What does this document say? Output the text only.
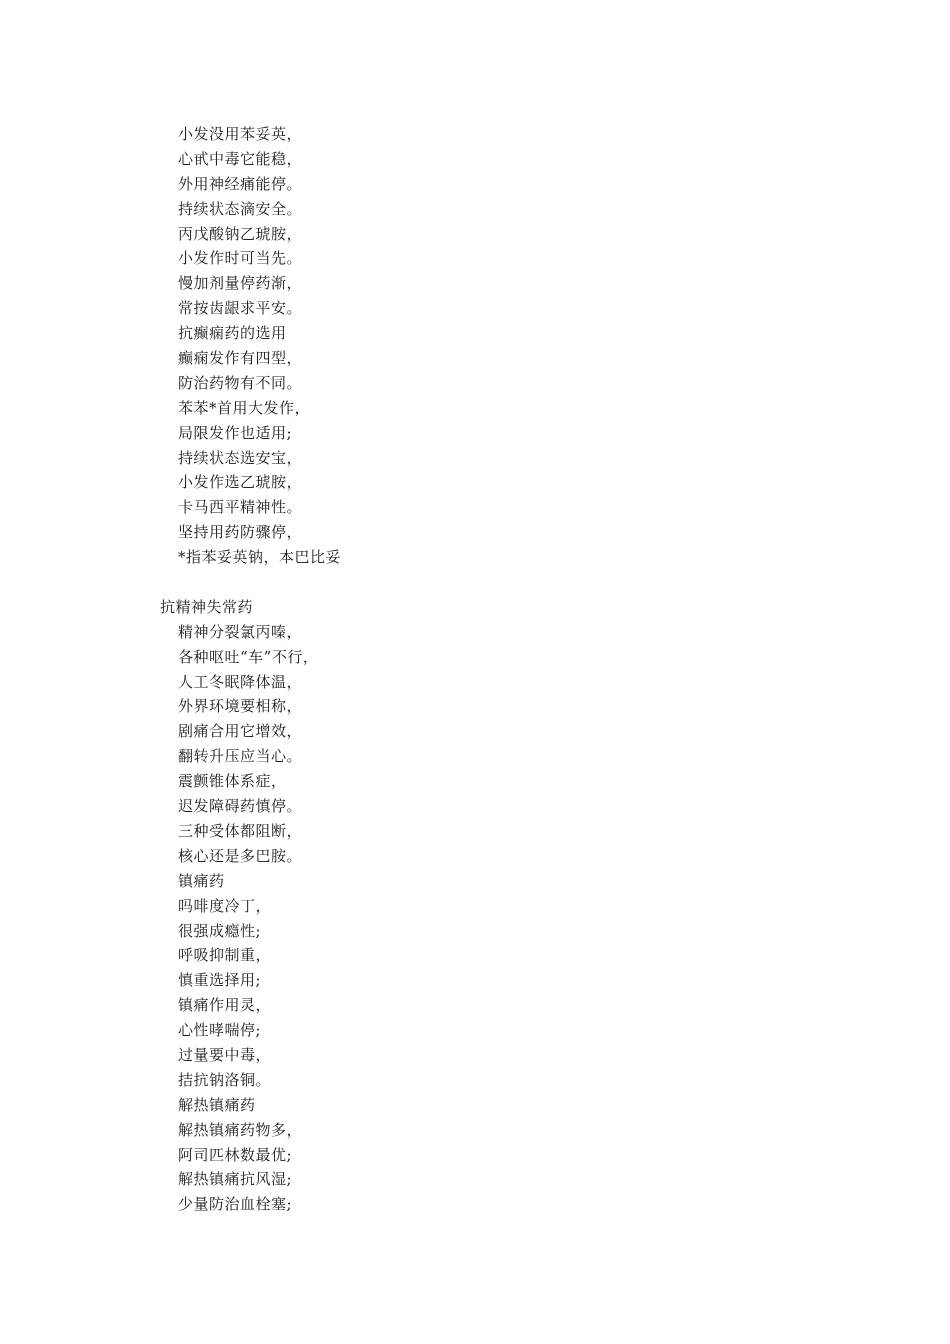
小发没用苯妥英，
心甙中毒它能稳，
外用神经痛能停。
持续状态滴安全。
丙戊酸钠乙琥胺，
小发作时可当先。
慢加剂量停药渐，
常按齿龈求平安。
抗癫痫药的选用
癫痫发作有四型，
防治药物有不同。
苯苯*首用大发作，
局限发作也适用;
持续状态选安宝，
小发作选乙琥胺，
卡马西平精神性。
坚持用药防骤停，
*指苯妥英钠，本巴比妥
抗精神失常药
精神分裂氯丙嗪，
各种呕吐“车”不行，
人工冬眠降体温，
外界环境要相称，
剧痛合用它增效，
翻转升压应当心。
震颤锥体系症，
迟发障碍药慎停。
三种受体都阻断，
核心还是多巴胺。
镇痛药
吗啡度冷丁，
很强成瘾性;
呼吸抑制重，
慎重选择用;
镇痛作用灵，
心性哮喘停;
过量要中毒，
拮抗钠洛铜。
解热镇痛药
解热镇痛药物多，
阿司匹林数最优;
解热镇痛抗风湿;
少量防治血栓塞;
